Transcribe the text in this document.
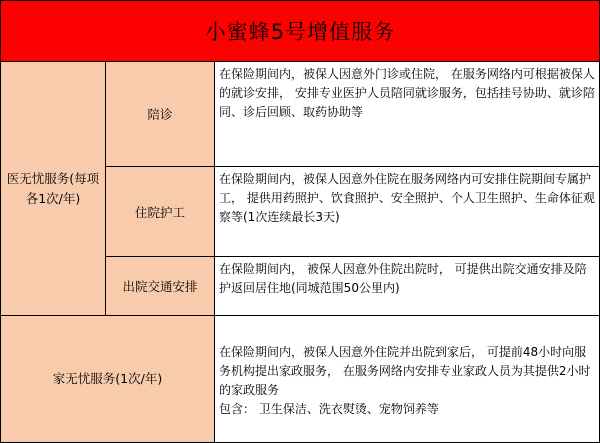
小蜜蜂5号增值服务
医无忧服务(每项各1次/年)
陪诊

在保险期间内，被保人因意外门诊或住院， 在服务网络内可根据被保人的就诊安排， 安排专业医护人员陪同就诊服务，包括挂号协助、就诊陪同、诊后回顾、取药协助等

住院护工

在保险期间内，被保人因意外住院在服务网络内可安排住院期间专属护工， 提供用药照护、饮食照护、安全照护、个人卫生照护、生命体征观察等(1次连续最长3天)

出院交通安排

在保险期间内， 被保人因意外住院出院时， 可提供出院交通安排及陪护返回居住地(同城范围50公里内)

家无忧服务(1次/年)

在保险期间内，被保人因意外住院并出院到家后， 可提前48小时向服务机构提出家政服务， 在服务网络内安排专业家政人员为其提供2小时的家政服务

包含： 卫生保洁、洗衣熨烫、宠物饲养等
